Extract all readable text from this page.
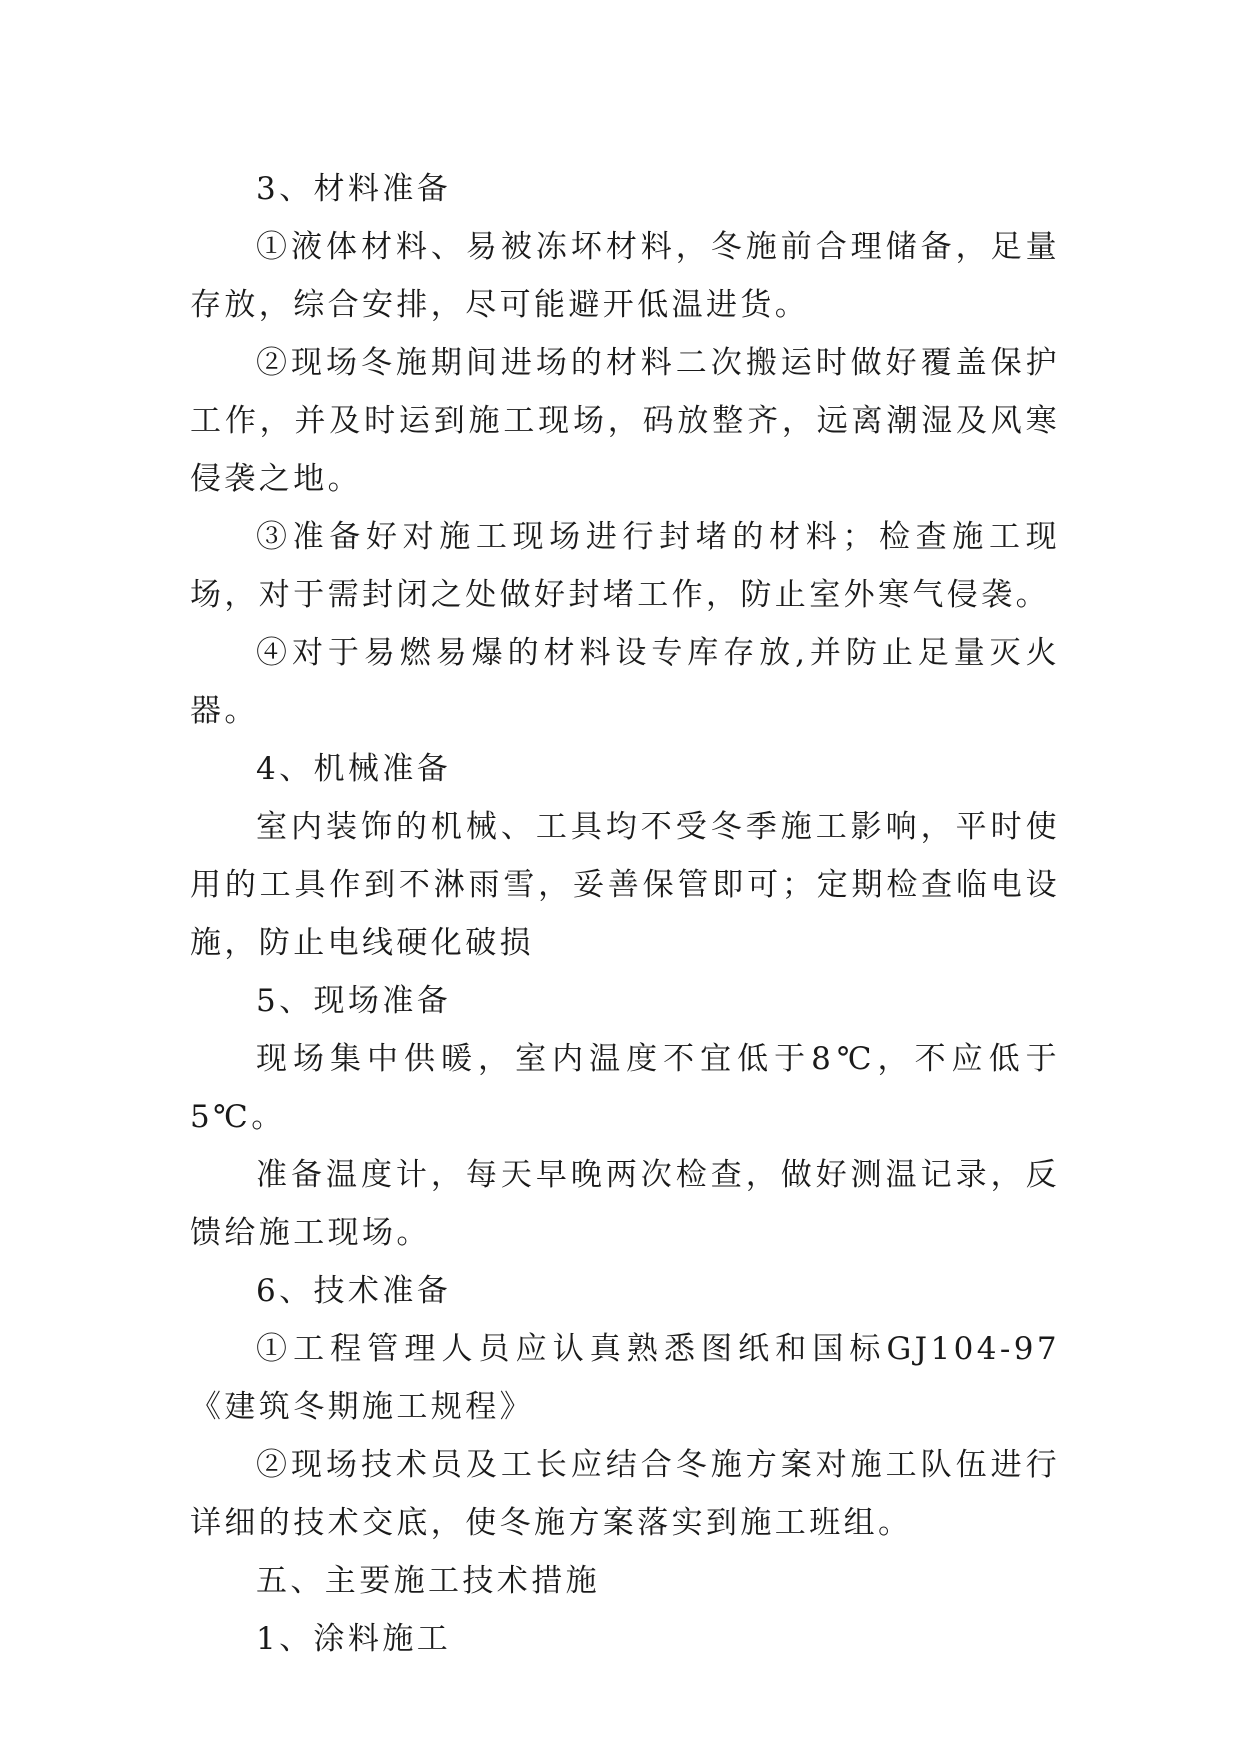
3、材料准备

①液体材料、易被冻坏材料，冬施前合理储备，足量存放，综合安排，尽可能避开低温进货。

②现场冬施期间进场的材料二次搬运时做好覆盖保护工作，并及时运到施工现场，码放整齐，远离潮湿及风寒侵袭之地。

③准备好对施工现场进行封堵的材料；检查施工现场，对于需封闭之处做好封堵工作，防止室外寒气侵袭。

④对于易燃易爆的材料设专库存放,并防止足量灭火器。

4、机械准备

室内装饰的机械、工具均不受冬季施工影响，平时使用的工具作到不淋雨雪，妥善保管即可；定期检查临电设施，防止电线硬化破损

5、现场准备

现场集中供暖，室内温度不宜低于8℃，不应低于5℃。

准备温度计，每天早晚两次检查，做好测温记录，反馈给施工现场。

6、技术准备

①工程管理人员应认真熟悉图纸和国标GJ104-97《建筑冬期施工规程》

②现场技术员及工长应结合冬施方案对施工队伍进行详细的技术交底，使冬施方案落实到施工班组。

五、主要施工技术措施

1、涂料施工
